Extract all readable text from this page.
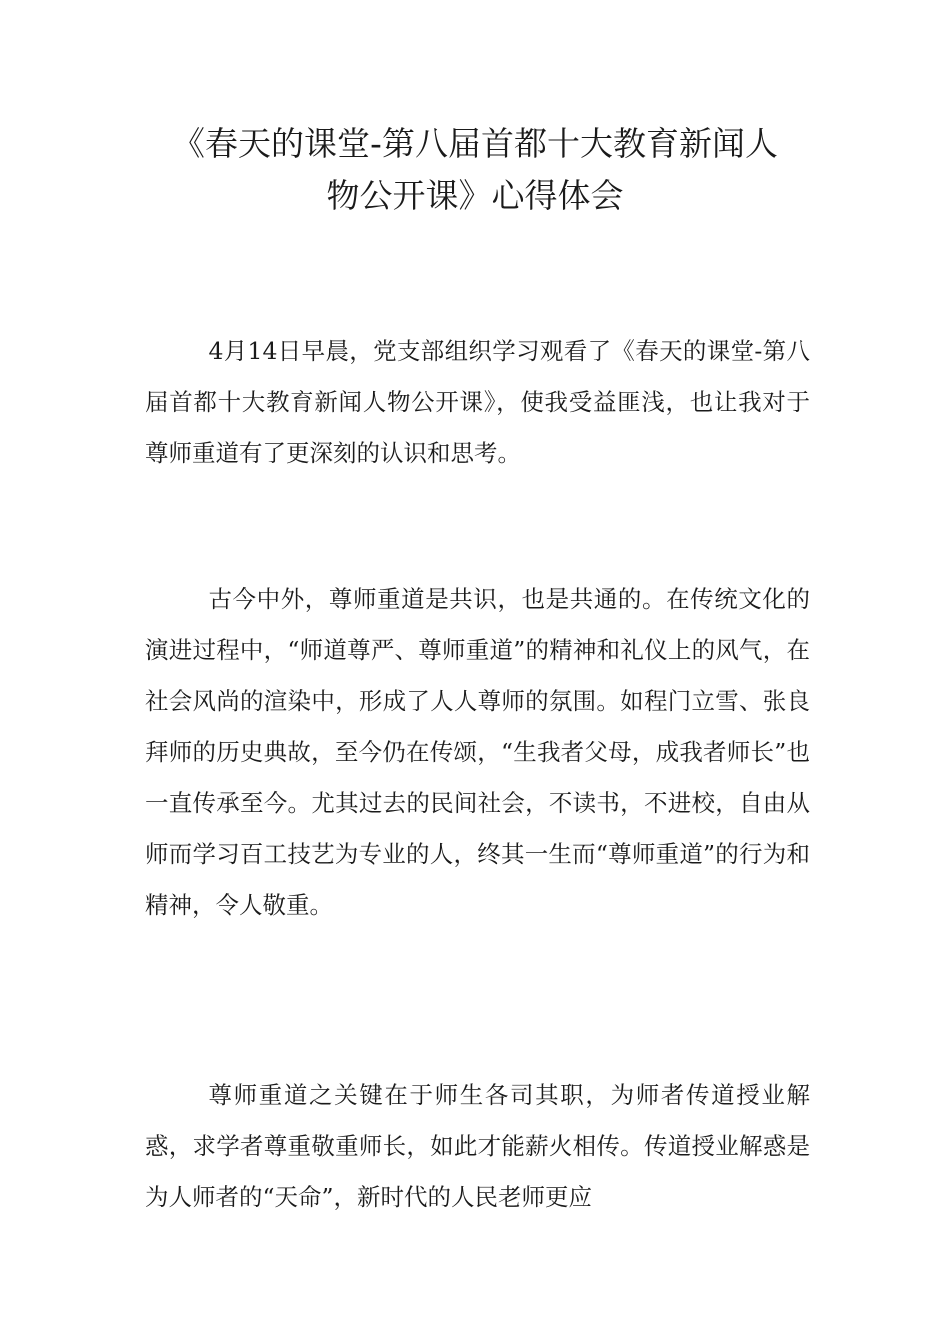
《春天的课堂-第八届首都十大教育新闻人
物公开课》心得体会

4月14日早晨，党支部组织学习观看了《春天的课堂-第八届首都十大教育新闻人物公开课》，使我受益匪浅，也让我对于尊师重道有了更深刻的认识和思考。

古今中外，尊师重道是共识，也是共通的。在传统文化的演进过程中，“师道尊严、尊师重道”的精神和礼仪上的风气，在社会风尚的渲染中，形成了人人尊师的氛围。如程门立雪、张良拜师的历史典故，至今仍在传颂，“生我者父母，成我者师长”也一直传承至今。尤其过去的民间社会，不读书，不进校，自由从师而学习百工技艺为专业的人，终其一生而“尊师重道”的行为和精神，令人敬重。

尊师重道之关键在于师生各司其职，为师者传道授业解惑，求学者尊重敬重师长，如此才能薪火相传。传道授业解惑是为人师者的“天命”，新时代的人民老师更应
